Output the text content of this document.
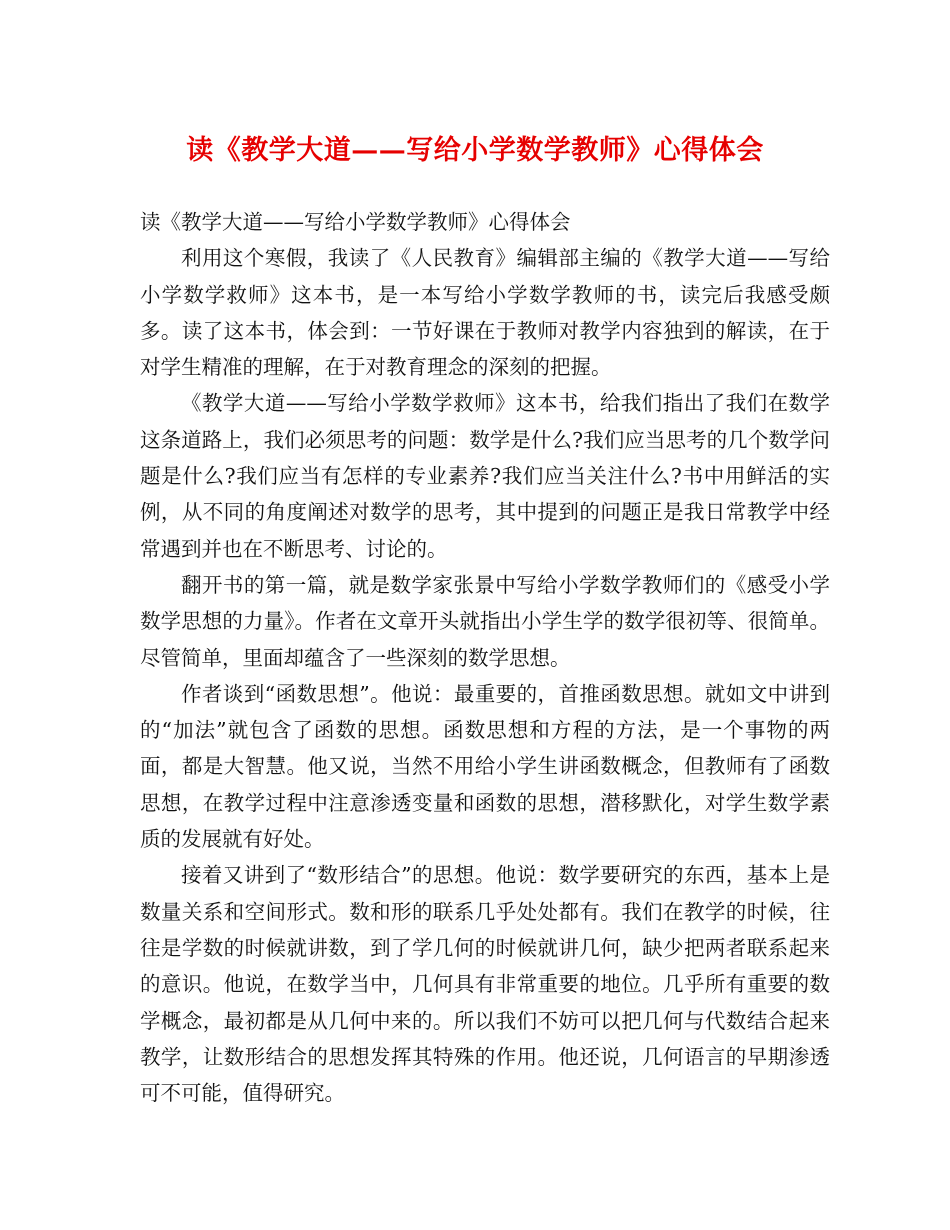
读《教学大道——写给小学数学教师》心得体会

读《教学大道——写给小学数学教师》心得体会

利用这个寒假，我读了《人民教育》编辑部主编的《教学大道——写给小学数学救师》这本书，是一本写给小学数学教师的书，读完后我感受颇多。读了这本书，体会到：一节好课在于教师对教学内容独到的解读，在于对学生精准的理解，在于对教育理念的深刻的把握。

《教学大道——写给小学数学救师》这本书，给我们指出了我们在数学这条道路上，我们必须思考的问题：数学是什么?我们应当思考的几个数学问题是什么?我们应当有怎样的专业素养?我们应当关注什么?书中用鲜活的实例，从不同的角度阐述对数学的思考，其中提到的问题正是我日常教学中经常遇到并也在不断思考、讨论的。

翻开书的第一篇，就是数学家张景中写给小学数学教师们的《感受小学数学思想的力量》。作者在文章开头就指出小学生学的数学很初等、很简单。尽管简单，里面却蕴含了一些深刻的数学思想。

作者谈到“函数思想”。他说：最重要的，首推函数思想。就如文中讲到的“加法”就包含了函数的思想。函数思想和方程的方法，是一个事物的两面，都是大智慧。他又说，当然不用给小学生讲函数概念，但教师有了函数思想，在教学过程中注意渗透变量和函数的思想，潜移默化，对学生数学素质的发展就有好处。

接着又讲到了“数形结合”的思想。他说：数学要研究的东西，基本上是数量关系和空间形式。数和形的联系几乎处处都有。我们在教学的时候，往往是学数的时候就讲数，到了学几何的时候就讲几何，缺少把两者联系起来的意识。他说，在数学当中，几何具有非常重要的地位。几乎所有重要的数学概念，最初都是从几何中来的。所以我们不妨可以把几何与代数结合起来教学，让数形结合的思想发挥其特殊的作用。他还说，几何语言的早期渗透可不可能，值得研究。
